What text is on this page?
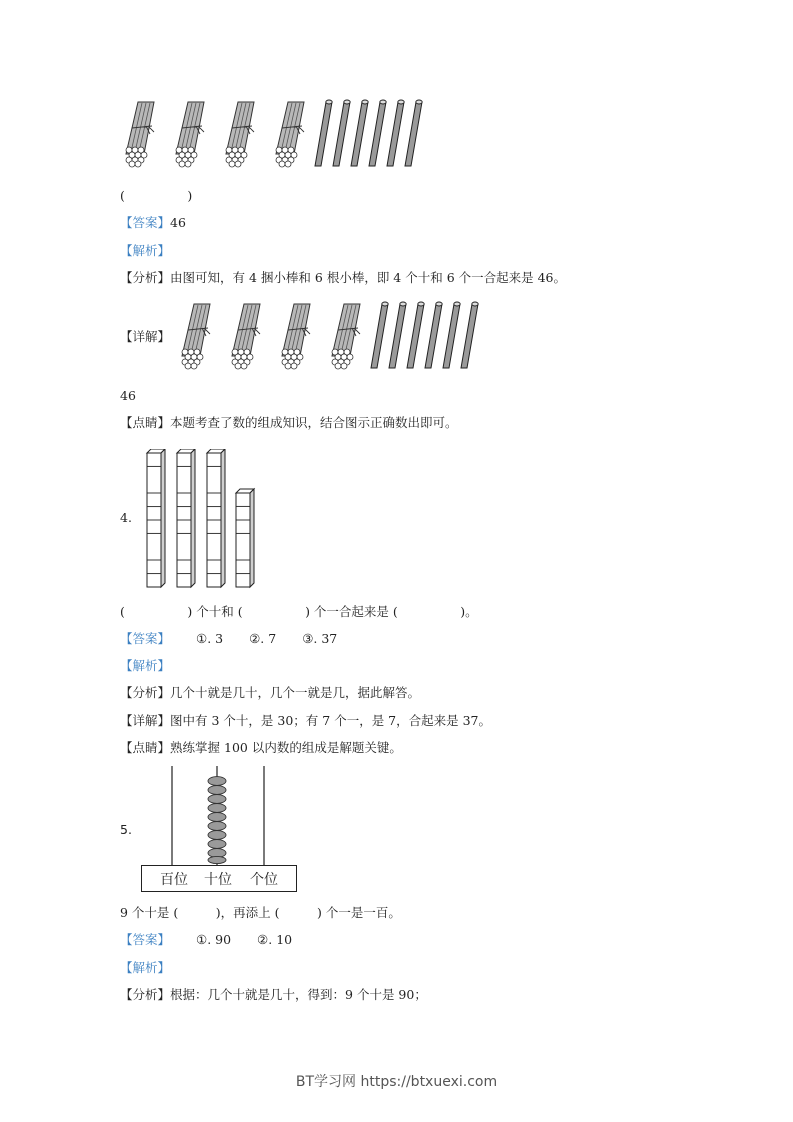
(　　　　　)
【答案】46
【解析】
【分析】由图可知，有 4 捆小棒和 6 根小棒，即 4 个十和 6 个一合起来是 46。
【详解】
46
【点睛】本题考查了数的组成知识，结合图示正确数出即可。
4.
(　　　　　) 个十和 (　　　　　) 个一合起来是 (　　　　　)。
【答案】 ①. 3 ②. 7 ③. 37
【解析】
【分析】几个十就是几十，几个一就是几，据此解答。
【详解】图中有 3 个十，是 30；有 7 个一，是 7，合起来是 37。
【点睛】熟练掌握 100 以内数的组成是解题关键。
5.
百位 十位 个位
9 个十是 (　　　)，再添上 (　　　) 个一是一百。
【答案】 ①. 90 ②. 10
【解析】
【分析】根据：几个十就是几十，得到：9 个十是 90；
BT学习网 https://btxuexi.com
